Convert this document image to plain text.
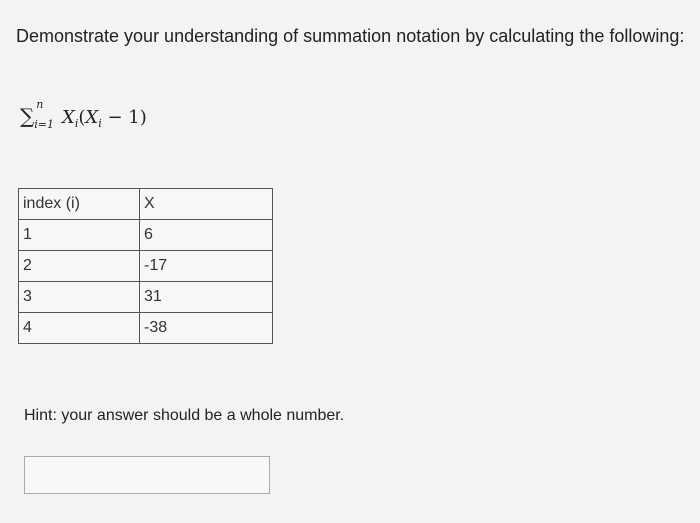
Demonstrate your understanding of summation notation by calculating the following:
∑ n
i=1 $X_i(X_i - 1)$
index (i)	X
1	6
2	-17
3	31
4	-38
Hint: your answer should be a whole number.
